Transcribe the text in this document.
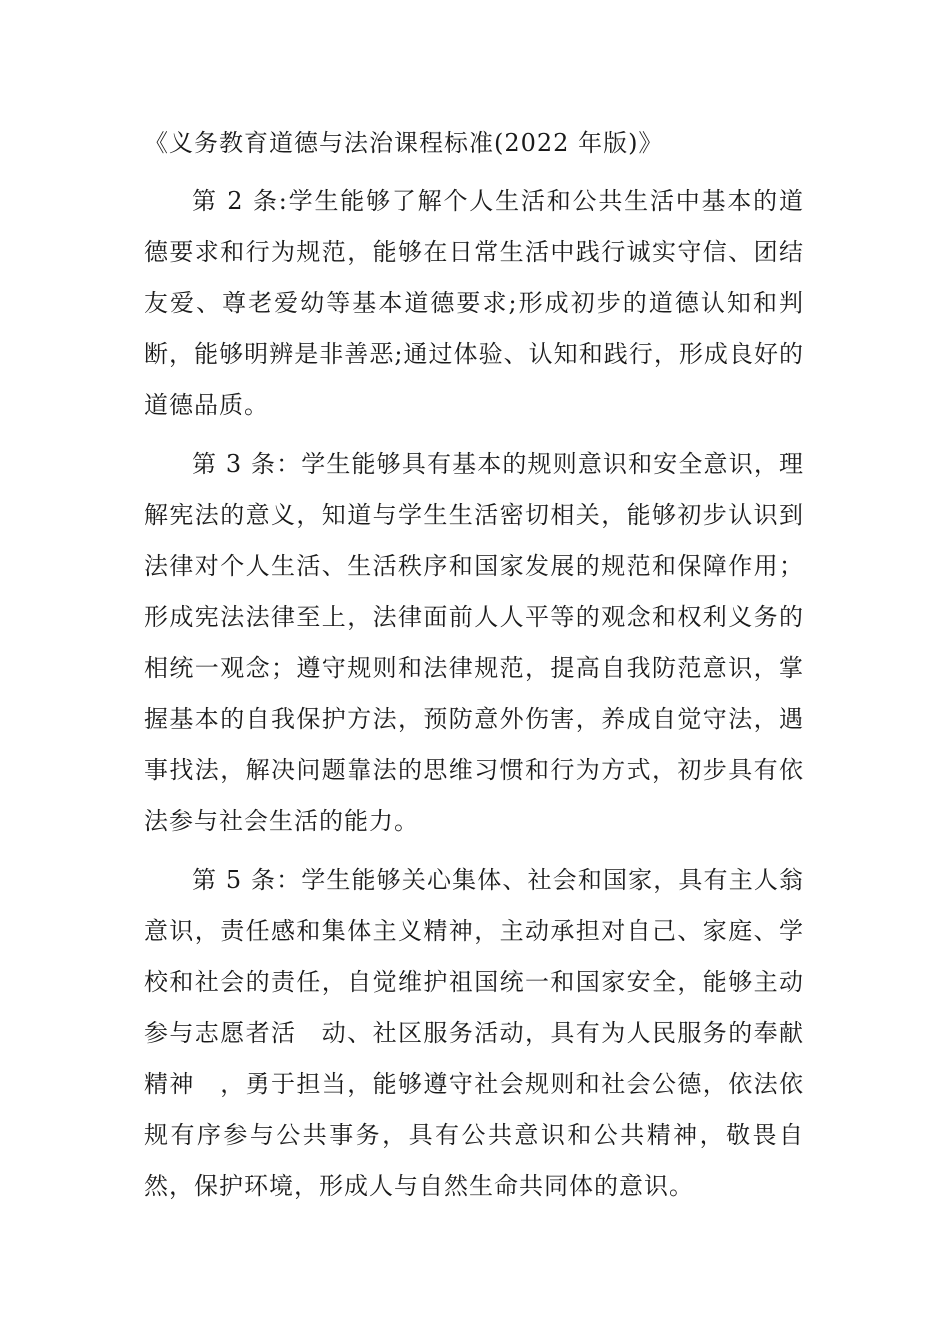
《义务教育道德与法治课程标准(2022 年版)》

第 2 条:学生能够了解个人生活和公共生活中基本的道德要求和行为规范，能够在日常生活中践行诚实守信、团结友爱、尊老爱幼等基本道德要求;形成初步的道德认知和判断，能够明辨是非善恶;通过体验、认知和践行，形成良好的道德品质。

第 3 条：学生能够具有基本的规则意识和安全意识，理解宪法的意义，知道与学生生活密切相关，能够初步认识到法律对个人生活、生活秩序和国家发展的规范和保障作用；形成宪法法律至上，法律面前人人平等的观念和权利义务的相统一观念；遵守规则和法律规范，提高自我防范意识，掌握基本的自我保护方法，预防意外伤害，养成自觉守法，遇事找法，解决问题靠法的思维习惯和行为方式，初步具有依法参与社会生活的能力。

第 5 条：学生能够关心集体、社会和国家，具有主人翁意识，责任感和集体主义精神，主动承担对自己、家庭、学校和社会的责任，自觉维护祖国统一和国家安全，能够主动参与志愿者活　动、社区服务活动，具有为人民服务的奉献精神　，勇于担当，能够遵守社会规则和社会公德，依法依规有序参与公共事务，具有公共意识和公共精神，敬畏自然，保护环境，形成人与自然生命共同体的意识。
